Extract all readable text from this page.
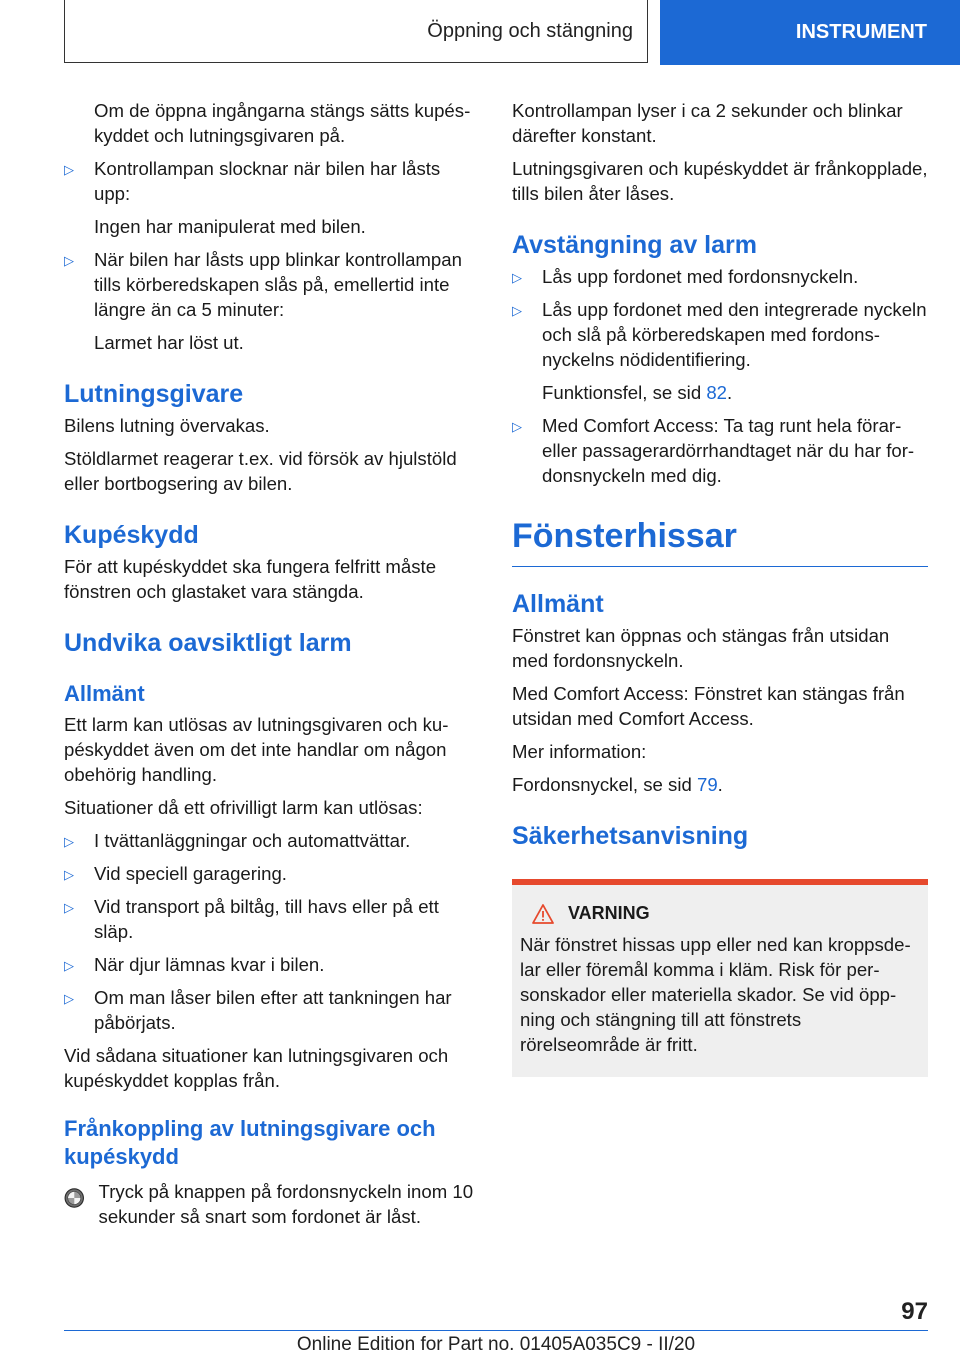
Öppning och stängning	INSTRUMENT

Om de öppna ingångarna stängs sätts kupéskyddet och lutningsgivaren på.

▷ Kontrollampan slocknar när bilen har låsts upp:

Ingen har manipulerat med bilen.

▷ När bilen har låsts upp blinkar kontrollampan tills körberedskapen slås på, emellertid inte längre än ca 5 minuter:

Larmet har löst ut.

Lutningsgivare

Bilens lutning övervakas.

Stöldlarmet reagerar t.ex. vid försök av hjulstöld eller bortbogsering av bilen.

Kupéskydd

För att kupéskyddet ska fungera felfritt måste fönstren och glastaket vara stängda.

Undvika oavsiktligt larm
Allmänt

Ett larm kan utlösas av lutningsgivaren och kupéskyddet även om det inte handlar om någon obehörig handling.

Situationer då ett ofrivilligt larm kan utlösas:

▷ I tvättanläggningar och automattvättar.
▷ Vid speciell garagering.
▷ Vid transport på biltåg, till havs eller på ett släp.
▷ När djur lämnas kvar i bilen.
▷ Om man låser bilen efter att tankningen har påbörjats.

Vid sådana situationer kan lutningsgivaren och kupéskyddet kopplas från.

Frånkoppling av lutningsgivare och kupéskydd

Tryck på knappen på fordonsnyckeln inom 10 sekunder så snart som fordonet är låst.

Kontrollampan lyser i ca 2 sekunder och blinkar därefter konstant.

Lutningsgivaren och kupéskyddet är frånkopplade, tills bilen åter låses.

Avstängning av larm
▷ Lås upp fordonet med fordonsnyckeln.
▷ Lås upp fordonet med den integrerade nyckeln och slå på körberedskapen med fordonsnyckelns nödidentifiering.

Funktionsfel, se sid 82.

▷ Med Comfort Access: Ta tag runt hela förar- eller passagerardörrhandtaget när du har fordonsnyckeln med dig.
Fönsterhissar
Allmänt

Fönstret kan öppnas och stängas från utsidan med fordonsnyckeln.

Med Comfort Access: Fönstret kan stängas från utsidan med Comfort Access.

Mer information:

Fordonsnyckel, se sid 79.

Säkerhetsanvisning
VARNING

När fönstret hissas upp eller ned kan kroppsdelar eller föremål komma i kläm. Risk för personskador eller materiella skador. Se vid öppning och stängning till att fönstrets rörelseområde är fritt.

97
Online Edition for Part no. 01405A035C9 - II/20
